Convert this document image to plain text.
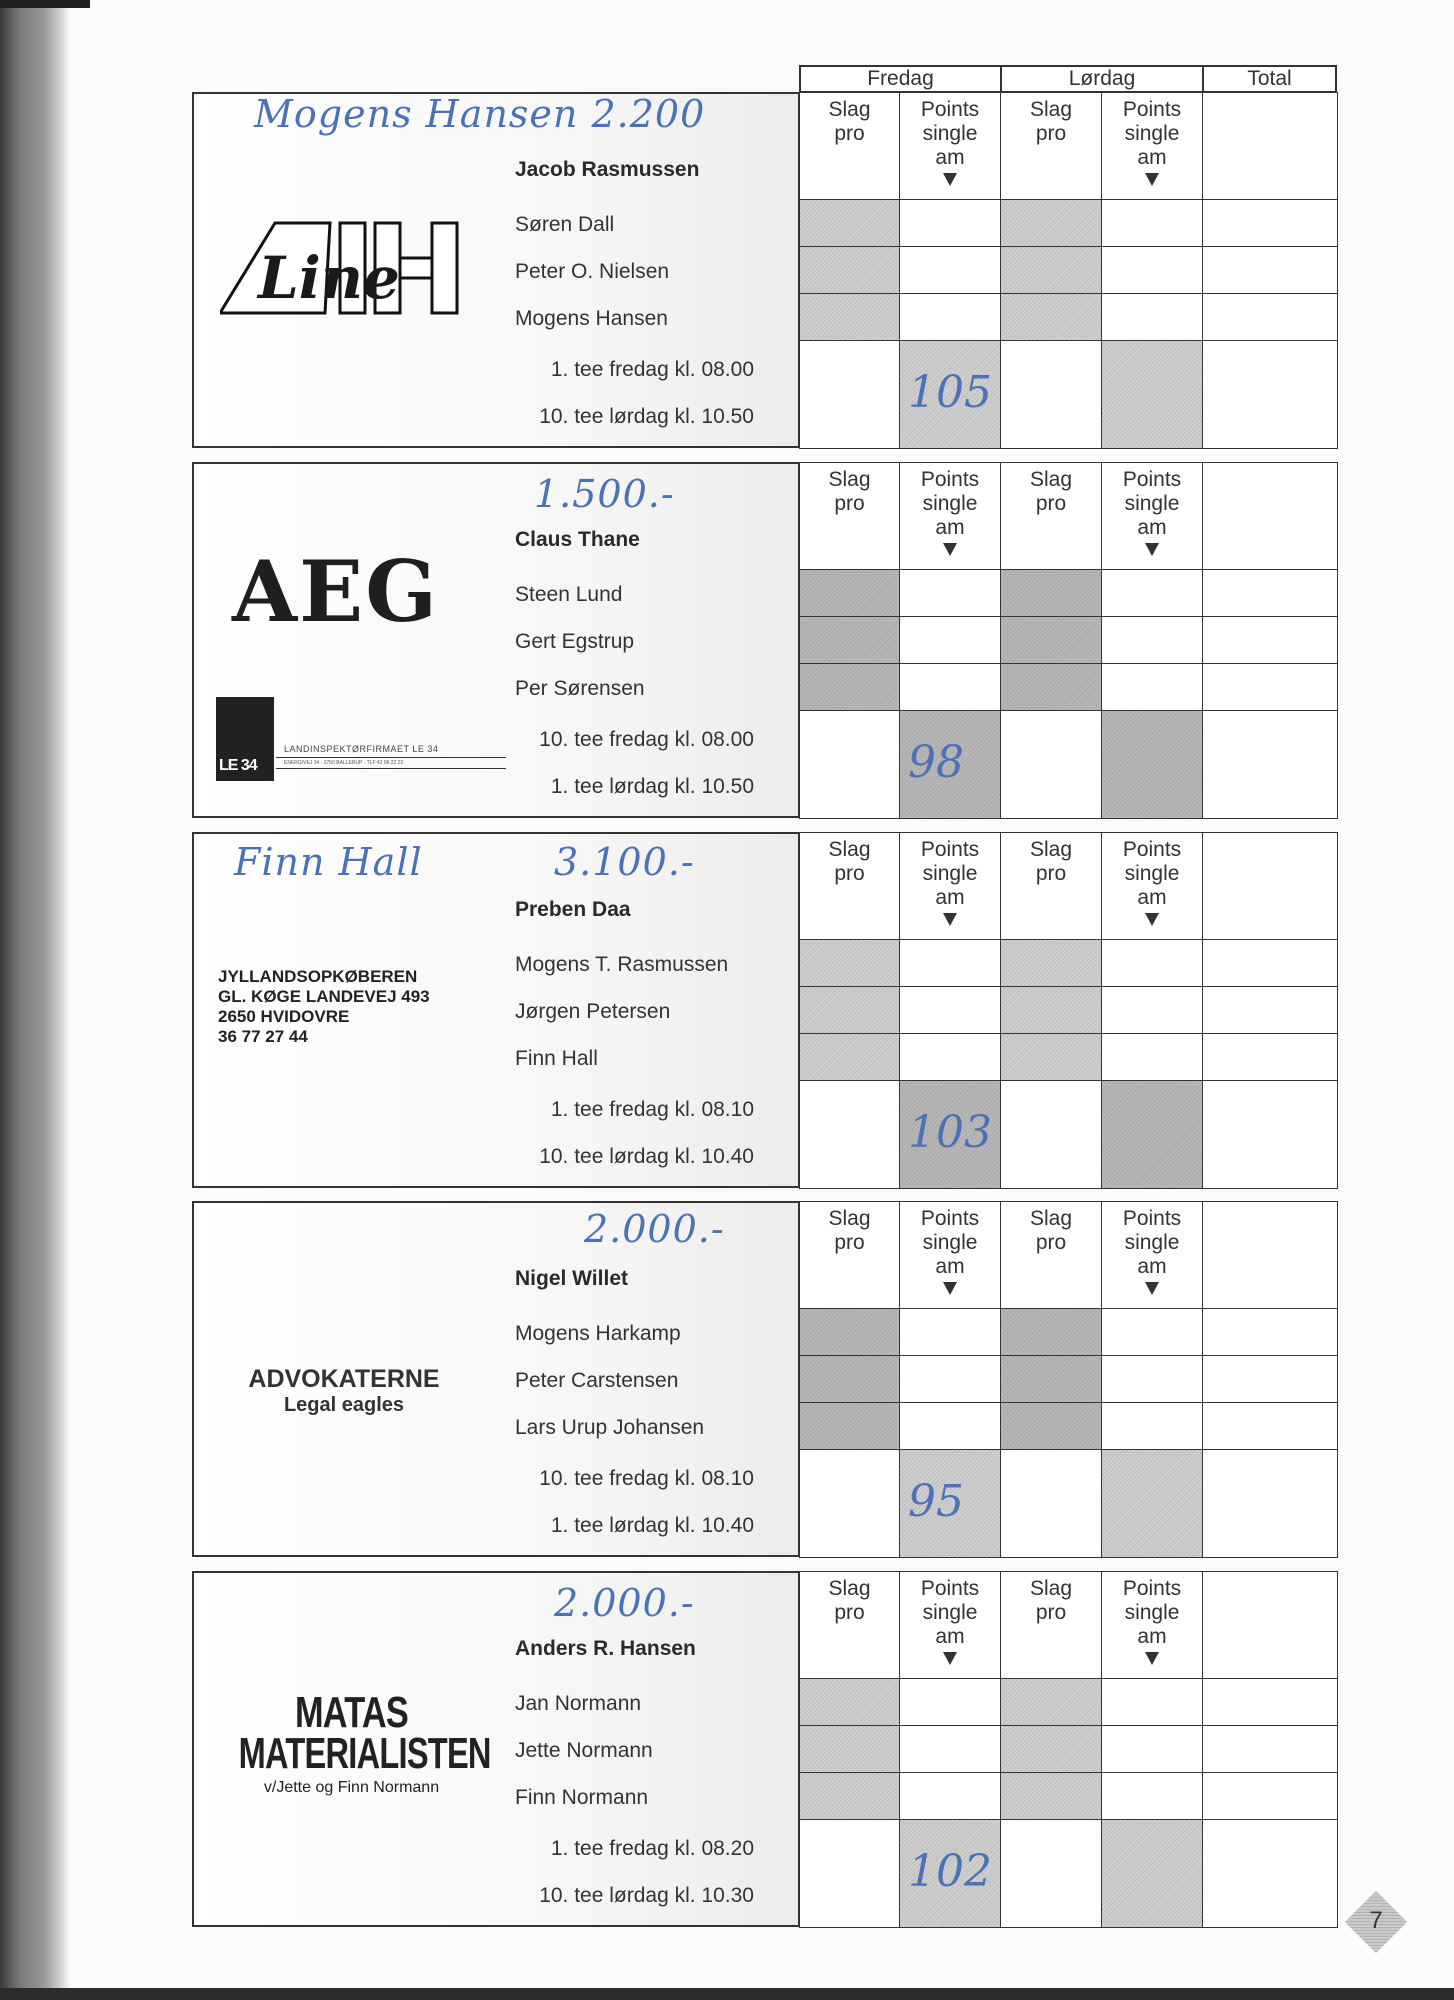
Fredag	Lørdag	Total
Mogens Hansen 2.200
Line
Jacob Rasmussen
Søren Dall
Peter O. Nielsen
Mogens Hansen
1. tee fredag kl. 08.00
10. tee lørdag kl. 10.50
Slag
pro
Points
single
am
105
Slag
pro
Points
single
am
AEG
LE 34
LANDINSPEKTØRFIRMAET LE 34
ENERGIVEJ 34 · 2750 BALLERUP · TLF 42 06 22 22
1.500.-
Claus Thane
Steen Lund
Gert Egstrup
Per Sørensen
10. tee fredag kl. 08.00
1. tee lørdag kl. 10.50
Slag
pro
Points
single
am
98
Slag
pro
Points
single
am
Finn Hall
JYLLANDSOPKØBEREN
GL. KØGE LANDEVEJ 493
2650 HVIDOVRE
36 77 27 44
3.100.-
Preben Daa
Mogens T. Rasmussen
Jørgen Petersen
Finn Hall
1. tee fredag kl. 08.10
10. tee lørdag kl. 10.40
Slag
pro
Points
single
am
103
Slag
pro
Points
single
am
ADVOKATERNE
Legal eagles
2.000.-
Nigel Willet
Mogens Harkamp
Peter Carstensen
Lars Urup Johansen
10. tee fredag kl. 08.10
1. tee lørdag kl. 10.40
Slag
pro
Points
single
am
95
Slag
pro
Points
single
am
MATAS
MATERIALISTEN
v/Jette og Finn Normann
2.000.-
Anders R. Hansen
Jan Normann
Jette Normann
Finn Normann
1. tee fredag kl. 08.20
10. tee lørdag kl. 10.30
Slag
pro
Points
single
am
102
Slag
pro
Points
single
am
7
